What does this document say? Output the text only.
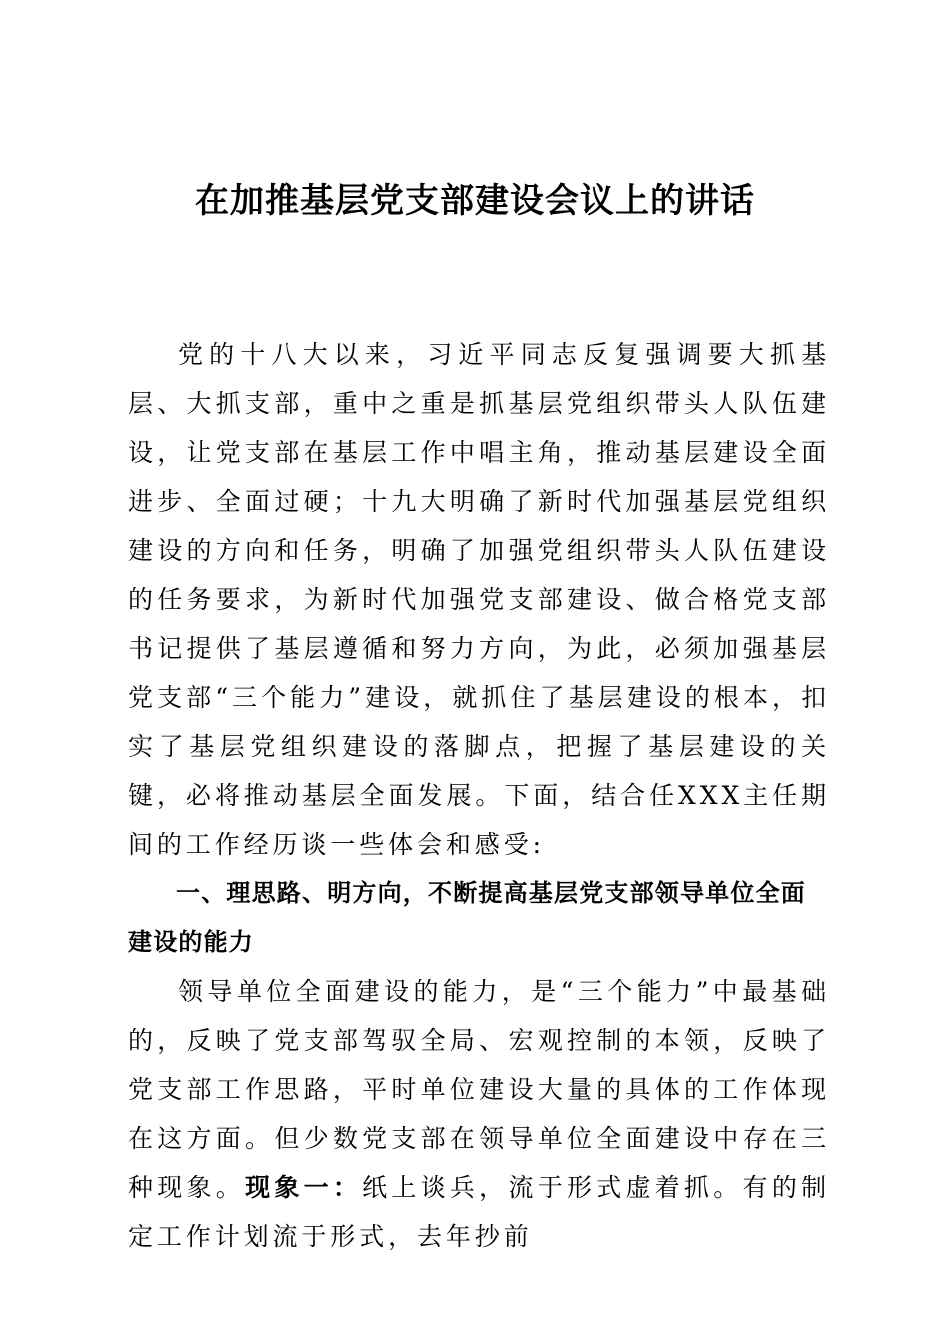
在加推基层党支部建设会议上的讲话

党的十八大以来，习近平同志反复强调要大抓基层、大抓支部，重中之重是抓基层党组织带头人队伍建设，让党支部在基层工作中唱主角，推动基层建设全面进步、全面过硬；十九大明确了新时代加强基层党组织建设的方向和任务，明确了加强党组织带头人队伍建设的任务要求，为新时代加强党支部建设、做合格党支部书记提供了基层遵循和努力方向，为此，必须加强基层党支部“三个能力”建设，就抓住了基层建设的根本，扣实了基层党组织建设的落脚点，把握了基层建设的关键，必将推动基层全面发展。下面，结合任XXX主任期间的工作经历谈一些体会和感受:

一、理思路、明方向，不断提高基层党支部领导单位全面建设的能力

领导单位全面建设的能力，是“三个能力”中最基础的，反映了党支部驾驭全局、宏观控制的本领，反映了党支部工作思路，平时单位建设大量的具体的工作体现在这方面。但少数党支部在领导单位全面建设中存在三种现象。现象一：纸上谈兵，流于形式虚着抓。有的制定工作计划流于形式，去年抄前
